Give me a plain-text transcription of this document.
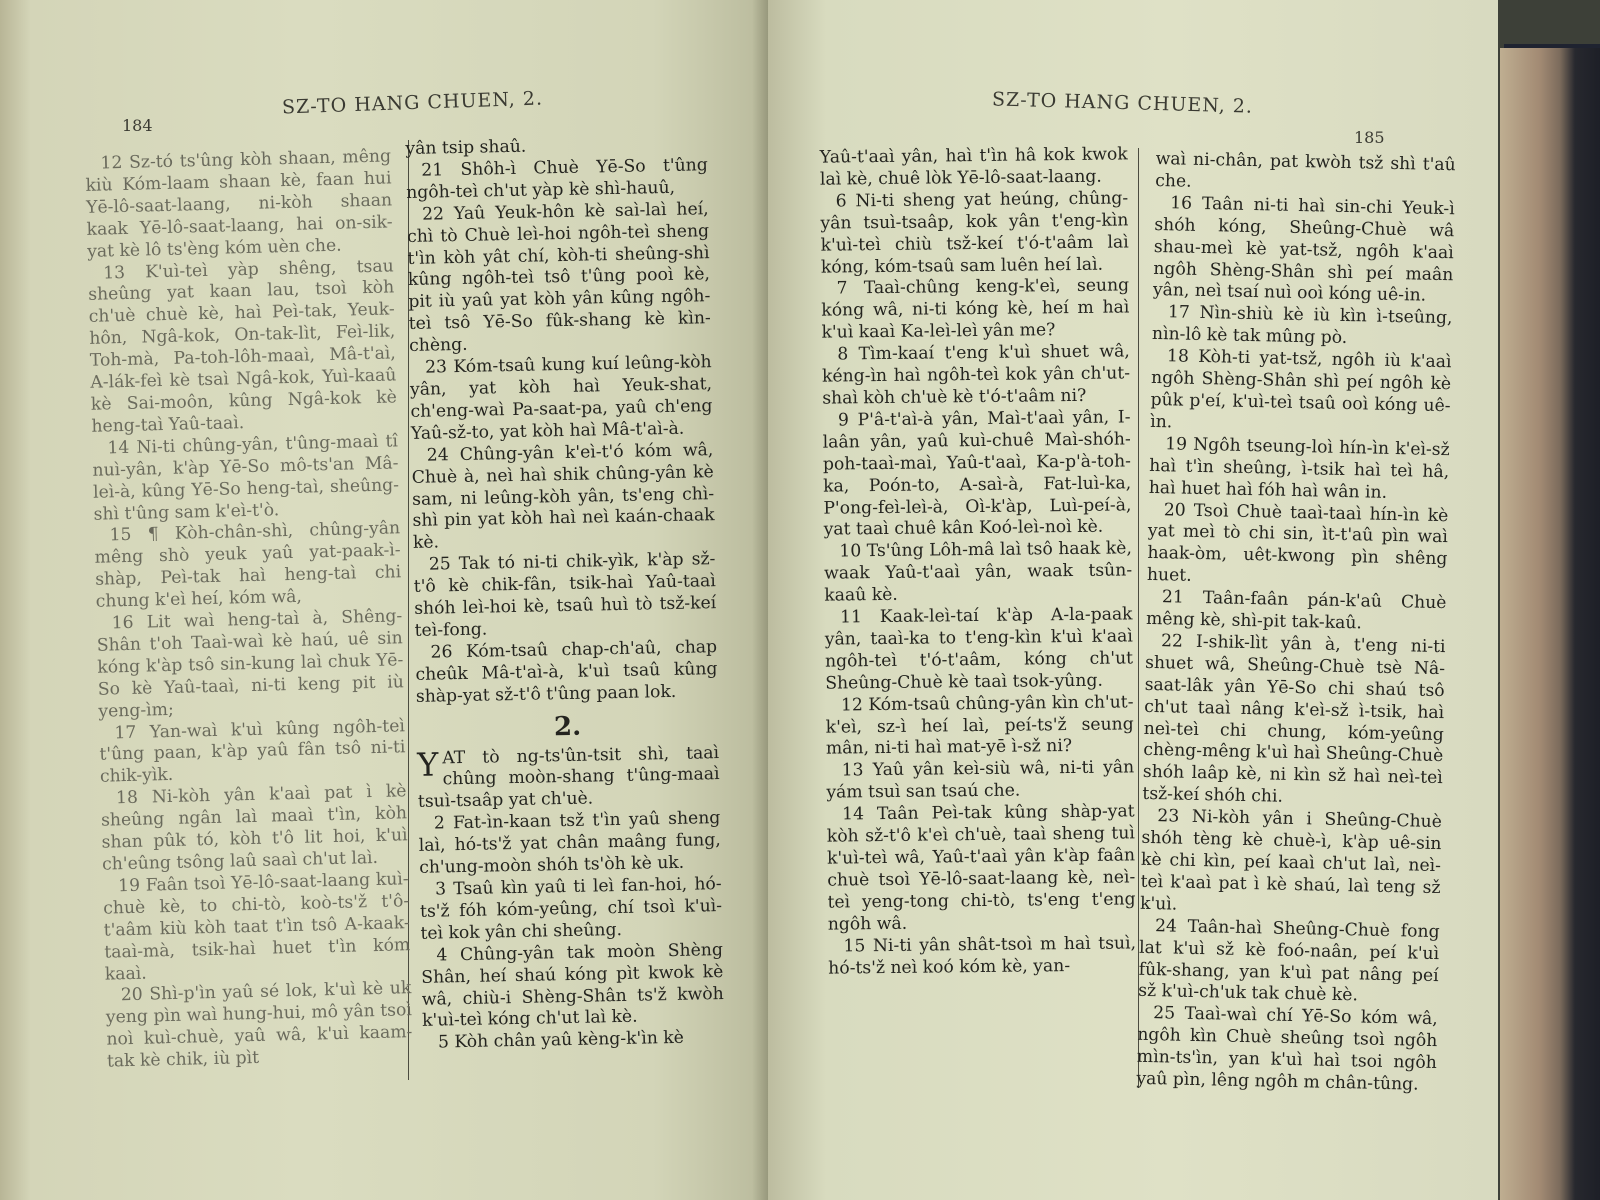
184
SZ-TO HANG CHUEN, 2.

12 Sz-tó ts'ûng kòh shaan, mêng kiù Kóm-laam shaan kè, faan hui Yē-lô-saat-laang, ni-kòh shaan kaak Yē-lô-saat-laang, hai on-sik-yat kè lô ts'èng kóm uèn che.

13 K'uì-teì yàp shêng, tsau sheûng yat kaan lau, tsoì kòh ch'uè chuè kè, haì Peì-tak, Yeuk-hôn, Ngâ-kok, On-tak-lìt, Feì-lik, Toh-mà, Pa-toh-lôh-maaì, Mâ-t'aì, A-lák-feì kè tsaì Ngâ-kok, Yuì-kaaû kè Sai-moôn, kûng Ngâ-kok kè heng-taì Yaû-taaì.

14 Ni-ti chûng-yân, t'ûng-maaì tî nuì-yân, k'àp Yē-So mô-ts'an Mâ-leì-à, kûng Yē-So heng-taì, sheûng-shì t'ûng sam k'eì-t'ò.

15 ¶ Kòh-chân-shì, chûng-yân mêng shò yeuk yaû yat-paak-ì-shàp, Peì-tak haì heng-taì chi chung k'eì heí, kóm wâ,

16 Lit waì heng-taì à, Shêng-Shân t'oh Taaì-waì kè haú, uê sin kóng k'àp tsô sin-kung laì chuk Yē-So kè Yaû-taaì, ni-ti keng pit iù yeng-ìm;

17 Yan-waì k'uì kûng ngôh-teì t'ûng paan, k'àp yaû fân tsô ni-ti chik-yìk.

18 Ni-kòh yân k'aaì pat ì kè sheûng ngân laì maaì t'ìn, kòh shan pûk tó, kòh t'ô lit hoi, k'uì ch'eûng tsông laû saaì ch'ut laì.

19 Faân tsoì Yē-lô-saat-laang kuì-chuè kè, to chi-tò, koò-ts'ž t'ô-t'aâm kiù kòh taat t'ìn tsô A-kaak-taaì-mà, tsik-haì huet t'ìn kóm kaaì.

20 Shì-p'ìn yaû sé lok, k'uì kè uk yeng pìn waì hung-hui, mô yân tsoì noì kuì-chuè, yaû wâ, k'uì kaam-tak kè chik, iù pìt

yân tsip shaû.

21 Shôh-ì Chuè Yē-So t'ûng ngôh-teì ch'ut yàp kè shì-hauû,

22 Yaû Yeuk-hôn kè saì-laì heí, chì tò Chuè leì-hoi ngôh-teì sheng t'ìn kòh yât chí, kòh-ti sheûng-shì kûng ngôh-teì tsô t'ûng pooì kè, pit iù yaû yat kòh yân kûng ngôh-teì tsô Yē-So fûk-shang kè kìn-chèng.

23 Kóm-tsaû kung kuí leûng-kòh yân, yat kòh haì Yeuk-shat, ch'eng-waì Pa-saat-pa, yaû ch'eng Yaû-sž-to, yat kòh haì Mâ-t'aì-à.

24 Chûng-yân k'eì-t'ó kóm wâ, Chuè à, neì haì shik chûng-yân kè sam, ni leûng-kòh yân, ts'eng chì-shì pin yat kòh haì neì kaán-chaak kè.

25 Tak tó ni-ti chik-yìk, k'àp sž-t'ô kè chik-fân, tsik-haì Yaû-taaì shóh leì-hoi kè, tsaû huì tò tsž-keí teì-fong.

26 Kóm-tsaû chap-ch'aû, chap cheûk Mâ-t'aì-à, k'uì tsaû kûng shàp-yat sž-t'ô t'ûng paan lok.

2.

YAT tò ng-ts'ûn-tsit shì, taaì chûng moòn-shang t'ûng-maaì tsuì-tsaâp yat ch'uè.

2 Fat-ìn-kaan tsž t'ìn yaû sheng laì, hó-ts'ž yat chân maâng fung, ch'ung-moòn shóh ts'òh kè uk.

3 Tsaû kìn yaû ti leì fan-hoi, hó-ts'ž fóh kóm-yeûng, chí tsoì k'uì-teì kok yân chi sheûng.

4 Chûng-yân tak moòn Shèng Shân, heí shaú kóng pìt kwok kè wâ, chiù-i Shèng-Shân ts'ž kwòh k'uì-teì kóng ch'ut laì kè.

5 Kòh chân yaû kèng-k'ìn kè

SZ-TO HANG CHUEN, 2.
185

Yaû-t'aaì yân, haì t'ìn hâ kok kwok laì kè, chuê lòk Yē-lô-saat-laang.

6 Ni-ti sheng yat heúng, chûng-yân tsuì-tsaâp, kok yân t'eng-kìn k'uì-teì chiù tsž-keí t'ó-t'aâm laì kóng, kóm-tsaû sam luên heí laì.

7 Taaì-chûng keng-k'eì, seung kóng wâ, ni-ti kóng kè, heí m haì k'uì kaaì Ka-leì-leì yân me?

8 Tìm-kaaí t'eng k'uì shuet wâ, kéng-ìn haì ngôh-teì kok yân ch'ut-shaì kòh ch'uè kè t'ó-t'aâm ni?

9 P'â-t'aì-à yân, Maì-t'aaì yân, I-laân yân, yaû kuì-chuê Maì-shóh-poh-taaì-maì, Yaû-t'aaì, Ka-p'à-toh-ka, Poón-to, A-saì-à, Fat-luì-ka, P'ong-feì-leì-à, Oì-k'àp, Luì-peí-à, yat taaì chuê kân Koó-leì-noì kè.

10 Ts'ûng Lôh-mâ laì tsô haak kè, waak Yaû-t'aaì yân, waak tsûn-kaaû kè.

11 Kaak-leì-taí k'àp A-la-paak yân, taaì-ka to t'eng-kìn k'uì k'aaì ngôh-teì t'ó-t'aâm, kóng ch'ut Sheûng-Chuè kè taaì tsok-yûng.

12 Kóm-tsaû chûng-yân kìn ch'ut-k'eì, sz-ì heí laì, peí-ts'ž seung mân, ni-ti haì mat-yē ì-sž ni?

13 Yaû yân keì-siù wâ, ni-ti yân yám tsuì san tsaú che.

14 Taân Peì-tak kûng shàp-yat kòh sž-t'ô k'eì ch'uè, taaì sheng tuì k'uì-teì wâ, Yaû-t'aaì yân k'àp faân chuè tsoì Yē-lô-saat-laang kè, neì-teì yeng-tong chi-tò, ts'eng t'eng ngôh wâ.

15 Ni-ti yân shât-tsoì m haì tsuì, hó-ts'ž neì koó kóm kè, yan-

waì ni-chân, pat kwòh tsž shì t'aû che.

16 Taân ni-ti haì sin-chi Yeuk-ì shóh kóng, Sheûng-Chuè wâ shau-meì kè yat-tsž, ngôh k'aaì ngôh Shèng-Shân shì peí maân yân, neì tsaí nuì ooì kóng uê-in.

17 Nìn-shiù kè iù kìn ì-tseûng, nìn-lô kè tak mûng pò.

18 Kòh-ti yat-tsž, ngôh iù k'aaì ngôh Shèng-Shân shì peí ngôh kè pûk p'eí, k'uì-teì tsaû ooì kóng uê-ìn.

19 Ngôh tseung-loì hín-ìn k'eì-sž haì t'ìn sheûng, ì-tsik haì teì hâ, haì huet haì fóh haì wân in.

20 Tsoì Chuè taaì-taaì hín-ìn kè yat meì tò chi sin, ìt-t'aû pìn waì haak-òm, uêt-kwong pìn shêng huet.

21 Taân-faân pán-k'aû Chuè mêng kè, shì-pit tak-kaû.

22 I-shik-lìt yân à, t'eng ni-ti shuet wâ, Sheûng-Chuè tsè Nâ-saat-lâk yân Yē-So chi shaú tsô ch'ut taaì nâng k'eì-sž ì-tsik, haì neì-teì chi chung, kóm-yeûng chèng-mêng k'uì haì Sheûng-Chuè shóh laâp kè, ni kìn sž haì neì-teì tsž-keí shóh chi.

23 Ni-kòh yân i Sheûng-Chuè shóh tèng kè chuè-ì, k'àp uê-sin kè chi kìn, peí kaaì ch'ut laì, neì-teì k'aaì pat ì kè shaú, laì teng sž k'uì.

24 Taân-haì Sheûng-Chuè fong lat k'uì sž kè foó-naân, peí k'uì fûk-shang, yan k'uì pat nâng peí sž k'uì-ch'uk tak chuè kè.

25 Taaì-waì chí Yē-So kóm wâ, ngôh kìn Chuè sheûng tsoì ngôh mìn-ts'ìn, yan k'uì haì tsoi ngôh yaû pìn, lêng ngôh m chân-tûng.
